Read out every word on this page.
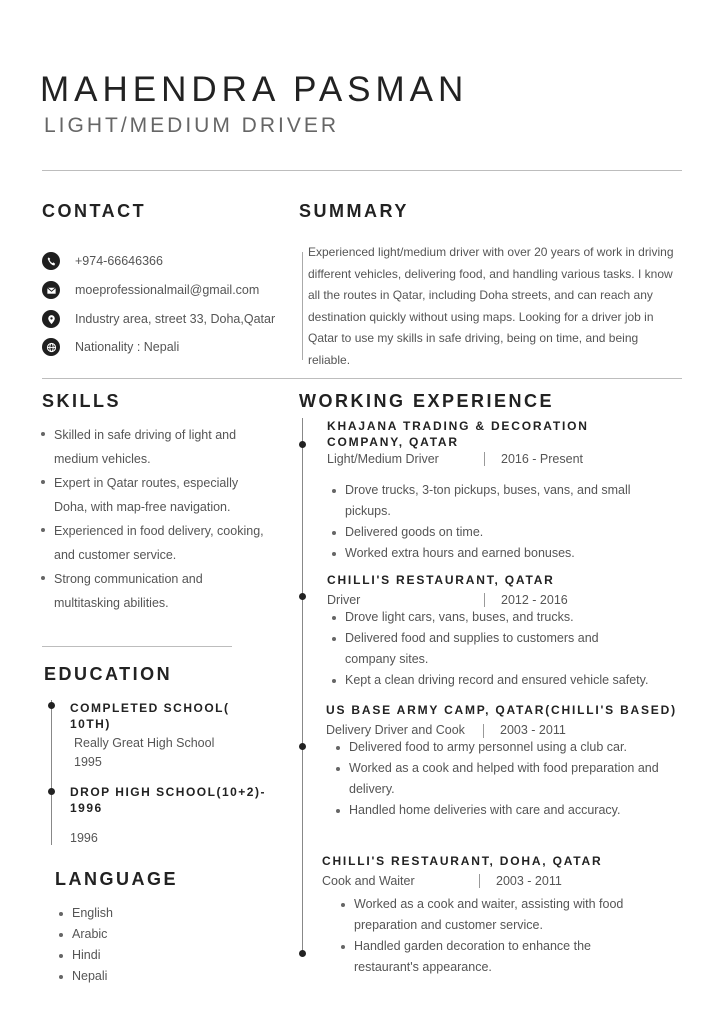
MAHENDRA PASMAN
LIGHT/MEDIUM DRIVER
CONTACT
+974-66646366
moeprofessionalmail@gmail.com
Industry area, street 33, Doha,Qatar
Nationality : Nepali
SUMMARY
Experienced light/medium driver with over 20 years of work in driving different vehicles, delivering food, and handling various tasks. I know all the routes in Qatar, including Doha streets, and can reach any destination quickly without using maps. Looking for a driver job in Qatar to use my skills in safe driving, being on time, and being reliable.
SKILLS
Skilled in safe driving of light and medium vehicles.
Expert in Qatar routes, especially Doha, with map-free navigation.
Experienced in food delivery, cooking, and customer service.
Strong communication and multitasking abilities.
EDUCATION
COMPLETED SCHOOL( 10TH)
Really Great High School
1995
DROP HIGH SCHOOL(10+2)- 1996
1996
LANGUAGE
English
Arabic
Hindi
Nepali
WORKING EXPERIENCE
KHAJANA TRADING & DECORATION COMPANY, QATAR
Light/Medium Driver	2016 - Present
Drove trucks, 3-ton pickups, buses, vans, and small pickups.
Delivered goods on time.
Worked extra hours and earned bonuses.
CHILLI'S RESTAURANT, QATAR
Driver	2012 - 2016
Drove light cars, vans, buses, and trucks.
Delivered food and supplies to customers and company sites.
Kept a clean driving record and ensured vehicle safety.
US BASE ARMY CAMP, QATAR(CHILLI'S BASED)
Delivery Driver and Cook	2003 - 2011
Delivered food to army personnel using a club car.
Worked as a cook and helped with food preparation and delivery.
Handled home deliveries with care and accuracy.
CHILLI'S RESTAURANT, DOHA, QATAR
Cook and Waiter	2003 - 2011
Worked as a cook and waiter, assisting with food preparation and customer service.
Handled garden decoration to enhance the restaurant's appearance.
